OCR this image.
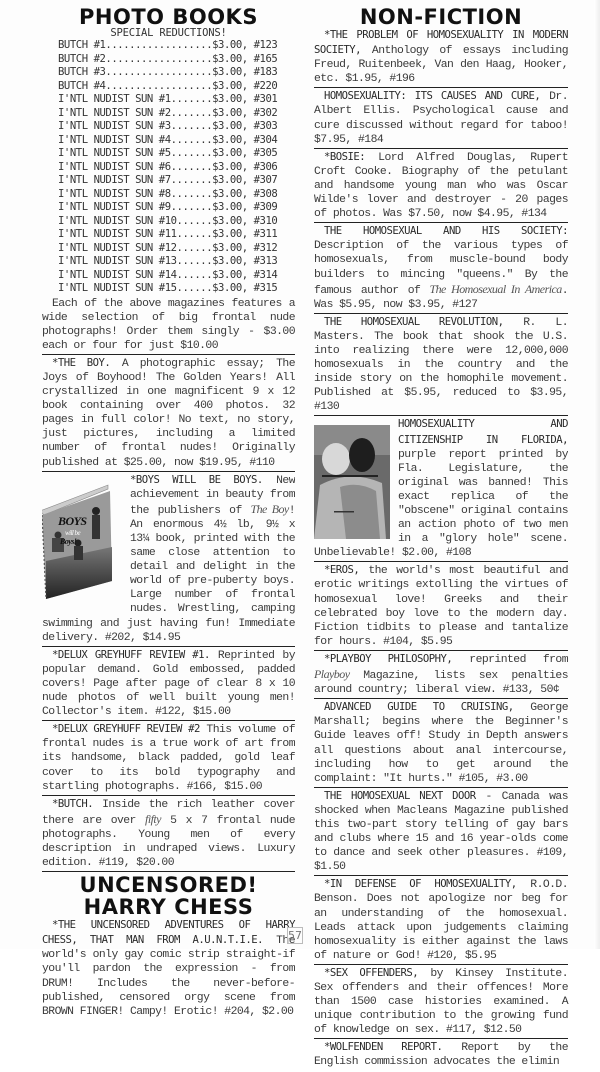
PHOTO BOOKS
SPECIAL REDUCTIONS!
BUTCH #1..................$3.00, #123
BUTCH #2..................$3.00, #165
BUTCH #3..................$3.00, #183
BUTCH #4..................$3.00, #220
I'NTL NUDIST SUN #1.......$3.00, #301
I'NTL NUDIST SUN #2.......$3.00, #302
I'NTL NUDIST SUN #3.......$3.00, #303
I'NTL NUDIST SUN #4.......$3.00, #304
I'NTL NUDIST SUN #5.......$3.00, #305
I'NTL NUDIST SUN #6.......$3.00, #306
I'NTL NUDIST SUN #7.......$3.00, #307
I'NTL NUDIST SUN #8.......$3.00, #308
I'NTL NUDIST SUN #9.......$3.00, #309
I'NTL NUDIST SUN #10......$3.00, #310
I'NTL NUDIST SUN #11......$3.00, #311
I'NTL NUDIST SUN #12......$3.00, #312
I'NTL NUDIST SUN #13......$3.00, #313
I'NTL NUDIST SUN #14......$3.00, #314
I'NTL NUDIST SUN #15......$3.00, #315
Each of the above magazines features a wide selection of big frontal nude photographs! Order them singly - $3.00 each or four for just $10.00
*THE BOY. A photographic essay; The Joys of Boyhood! The Golden Years! All crystallized in one magnificent 9 x 12 book containing over 400 photos. 32 pages in full color! No text, no story, just pictures, including a limited number of frontal nudes! Originally published at $25.00, now $19.95, #110
BOYS
will be
Boys!
*BOYS WILL BE BOYS. New achievement in beauty from the publishers of The Boy! An enormous 4½ lb, 9½ x 13¼ book, printed with the same close attention to detail and delight in the world of pre-puberty boys. Large number of frontal nudes. Wrestling, camping swimming and just having fun! Immediate delivery. #202, $14.95
*DELUX GREYHUFF REVIEW #1. Reprinted by popular demand. Gold embossed, padded covers! Page after page of clear 8 x 10 nude photos of well built young men! Collector's item. #122, $15.00
*DELUX GREYHUFF REVIEW #2 This volume of frontal nudes is a true work of art from its handsome, black padded, gold leaf cover to its bold typography and startling photographs. #166, $15.00
*BUTCH. Inside the rich leather cover there are over fifty 5 x 7 frontal nude photographs. Young men of every description in undraped views. Luxury edition. #119, $20.00
UNCENSORED!
HARRY CHESS
*THE UNCENSORED ADVENTURES OF HARRY CHESS, THAT MAN FROM A.U.N.T.I.E. The world's only gay comic strip straight-if you'll pardon the expression - from DRUM! Includes the never-before-published, censored orgy scene from BROWN FINGER! Campy! Erotic! #204, $2.00
NON-FICTION
*THE PROBLEM OF HOMOSEXUALITY IN MODERN SOCIETY, Anthology of essays including Freud, Ruitenbeek, Van den Haag, Hooker, etc. $1.95, #196
HOMOSEXUALITY: ITS CAUSES AND CURE, Dr. Albert Ellis. Psychological cause and cure discussed without regard for taboo! $7.95, #184
*BOSIE: Lord Alfred Douglas, Rupert Croft Cooke. Biography of the petulant and handsome young man who was Oscar Wilde's lover and destroyer - 20 pages of photos. Was $7.50, now $4.95, #134
THE HOMOSEXUAL AND HIS SOCIETY: Description of the various types of homosexuals, from muscle-bound body builders to mincing "queens." By the famous author of The Homosexual In America. Was $5.95, now $3.95, #127
THE HOMOSEXUAL REVOLUTION, R. L. Masters. The book that shook the U.S. into realizing there were 12,000,000 homosexuals in the country and the inside story on the homophile movement. Published at $5.95, reduced to $3.95, #130
HOMOSEXUALITY AND CITIZENSHIP IN FLORIDA, purple report printed by Fla. Legislature, the original was banned! This exact replica of the "obscene" original contains an action photo of two men in a "glory hole" scene. Unbelievable! $2.00, #108
*EROS, the world's most beautiful and erotic writings extolling the virtues of homosexual love! Greeks and their celebrated boy love to the modern day. Fiction tidbits to please and tantalize for hours. #104, $5.95
*PLAYBOY PHILOSOPHY, reprinted from Playboy Magazine, lists sex penalties around country; liberal view. #133, 50¢
ADVANCED GUIDE TO CRUISING, George Marshall; begins where the Beginner's Guide leaves off! Study in Depth answers all questions about anal intercourse, including how to get around the complaint: "It hurts." #105, #3.00
THE HOMOSEXUAL NEXT DOOR - Canada was shocked when Macleans Magazine published this two-part story telling of gay bars and clubs where 15 and 16 year-olds come to dance and seek other pleasures. #109, $1.50
*IN DEFENSE OF HOMOSEXUALITY, R.O.D. Benson. Does not apologize nor beg for an understanding of the homosexual. Leads attack upon judgements claiming homosexuality is either against the laws of nature or God! #120, $5.95
*SEX OFFENDERS, by Kinsey Institute. Sex offenders and their offences! More than 1500 case histories examined. A unique contribution to the growing fund of knowledge on sex. #117, $12.50
*WOLFENDEN REPORT. Report by the English commission advocates the elimin
57
